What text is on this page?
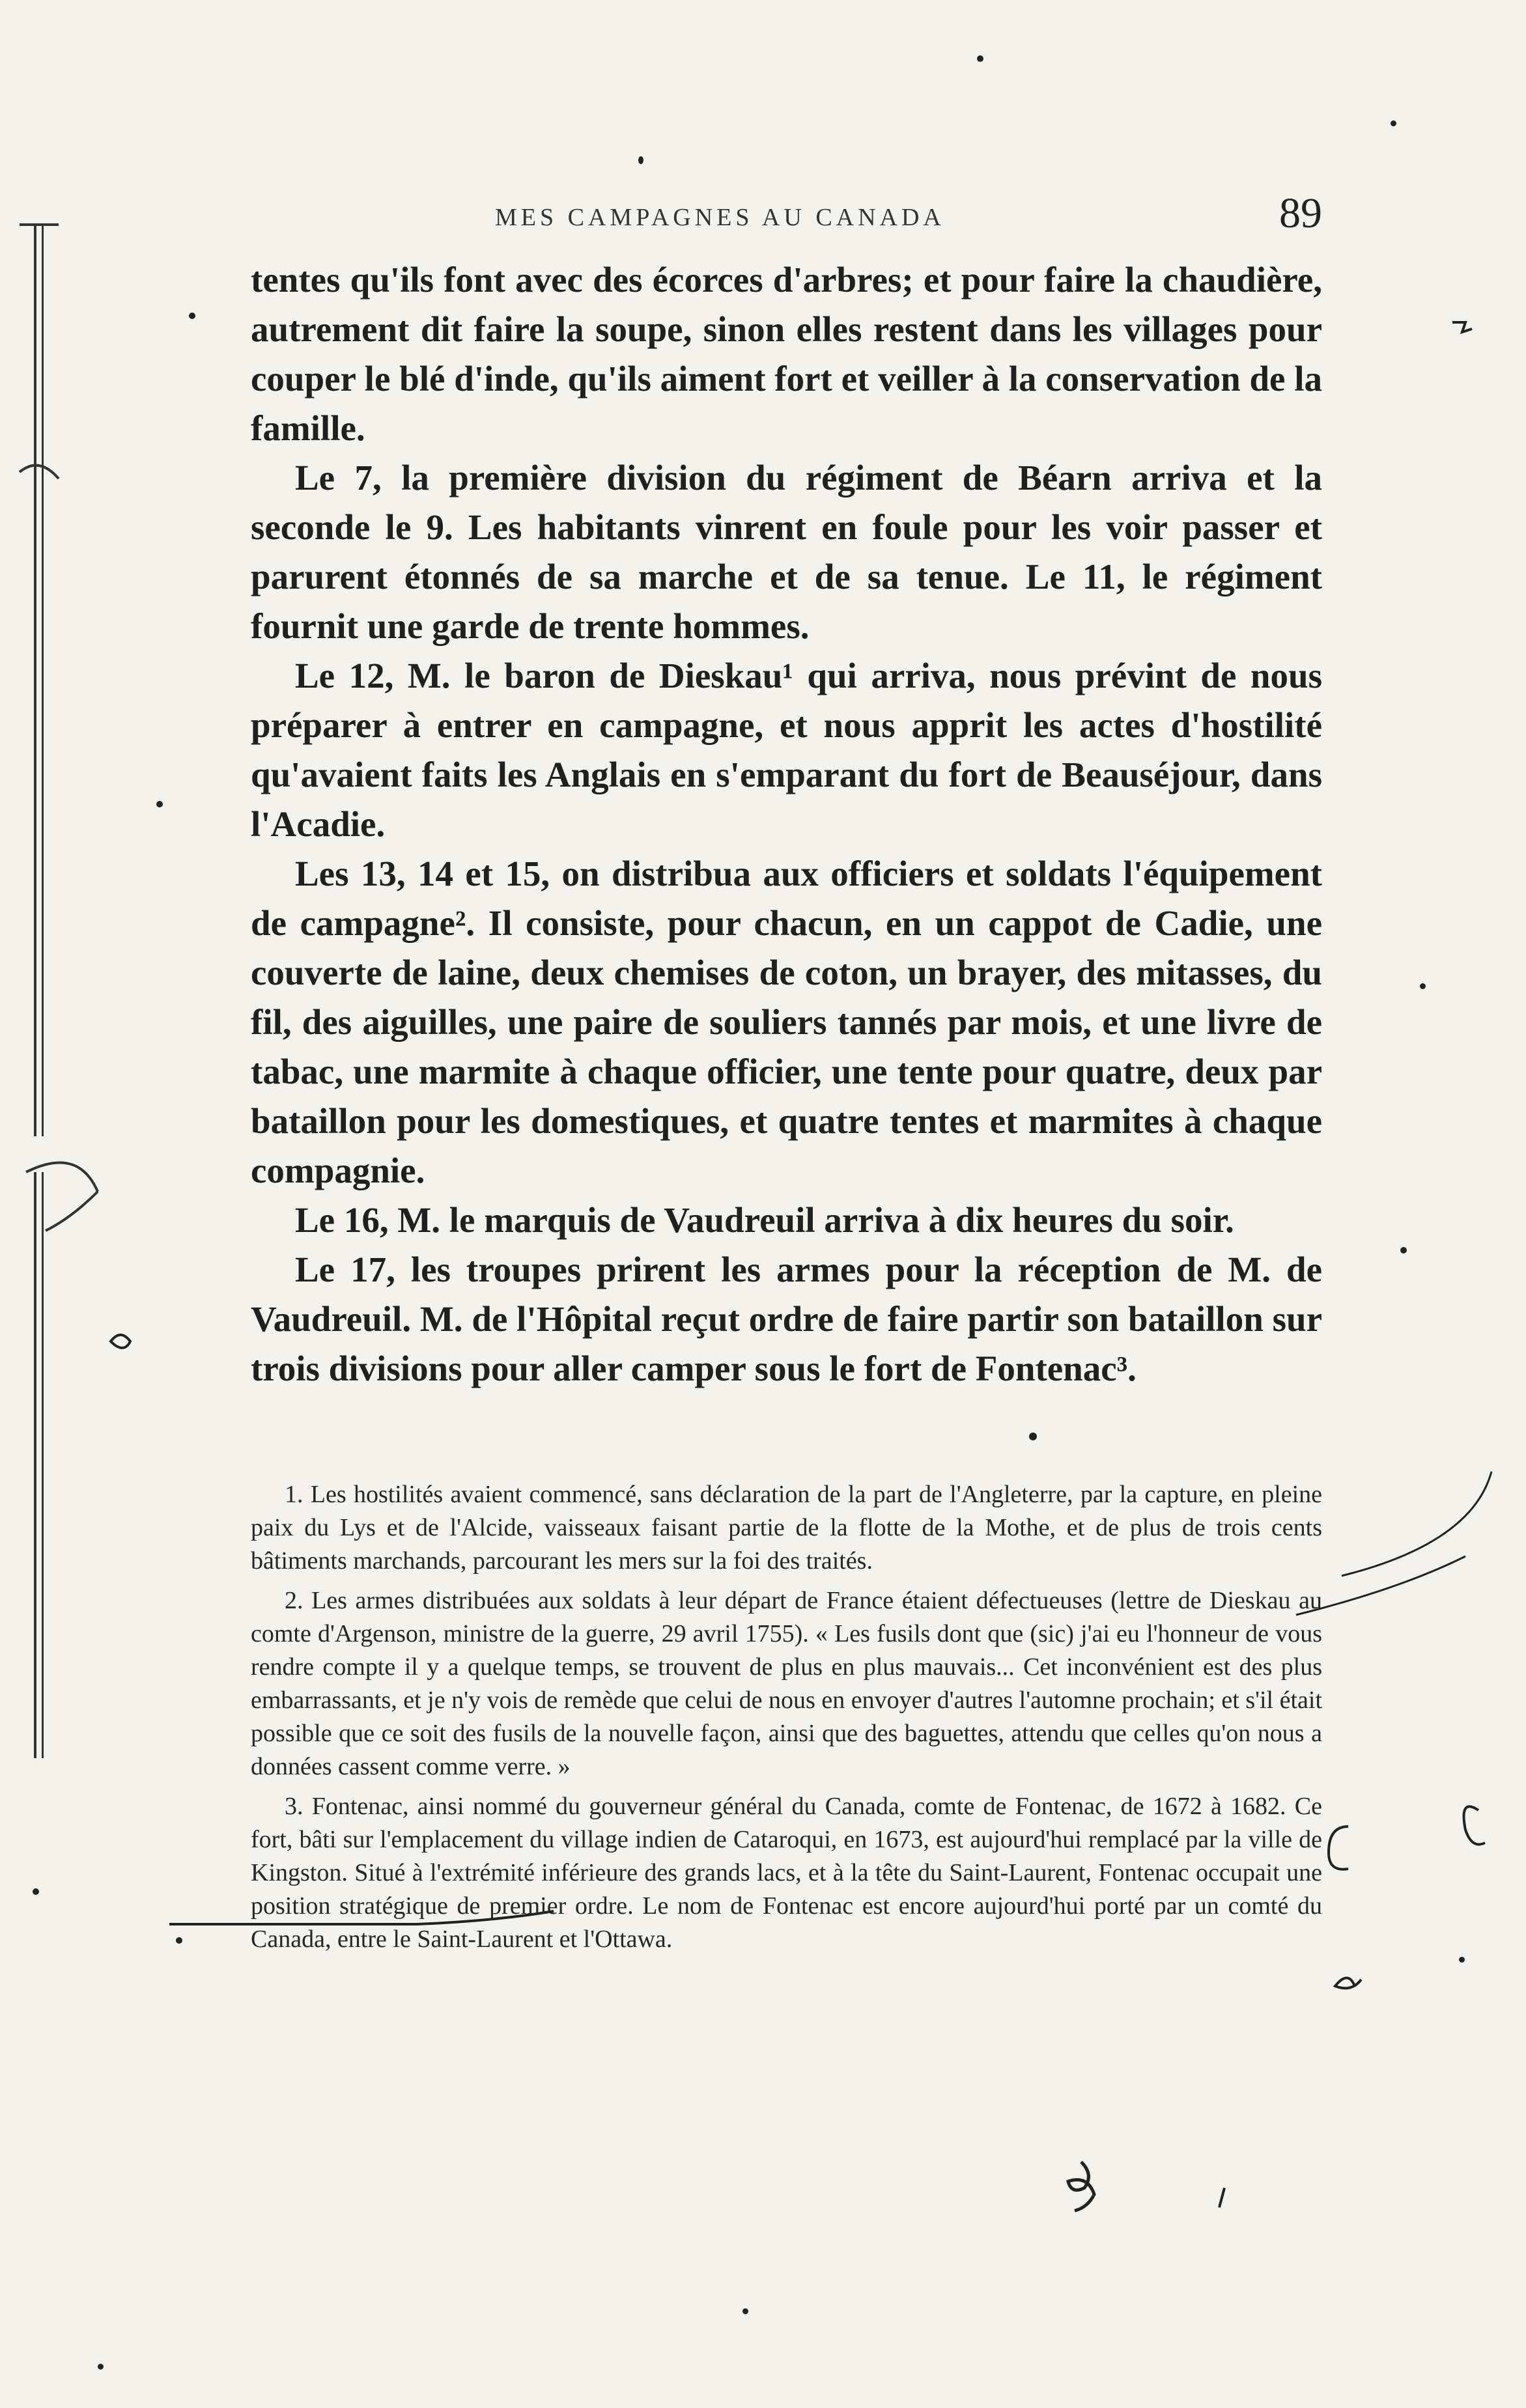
MES CAMPAGNES AU CANADA	89

tentes qu'ils font avec des écorces d'arbres; et pour faire la chaudière, autrement dit faire la soupe, sinon elles restent dans les villages pour couper le blé d'inde, qu'ils aiment fort et veiller à la conservation de la famille.

Le 7, la première division du régiment de Béarn arriva et la seconde le 9. Les habitants vinrent en foule pour les voir passer et parurent étonnés de sa marche et de sa tenue. Le 11, le régiment fournit une garde de trente hommes.

Le 12, M. le baron de Dieskau¹ qui arriva, nous prévint de nous préparer à entrer en campagne, et nous apprit les actes d'hostilité qu'avaient faits les Anglais en s'emparant du fort de Beauséjour, dans l'Acadie.

Les 13, 14 et 15, on distribua aux officiers et soldats l'équipement de campagne². Il consiste, pour chacun, en un cappot de Cadie, une couverte de laine, deux chemises de coton, un brayer, des mitasses, du fil, des aiguilles, une paire de souliers tannés par mois, et une livre de tabac, une marmite à chaque officier, une tente pour quatre, deux par bataillon pour les domestiques, et quatre tentes et marmites à chaque compagnie.

Le 16, M. le marquis de Vaudreuil arriva à dix heures du soir.

Le 17, les troupes prirent les armes pour la réception de M. de Vaudreuil. M. de l'Hôpital reçut ordre de faire partir son bataillon sur trois divisions pour aller camper sous le fort de Fontenac³.

1. Les hostilités avaient commencé, sans déclaration de la part de l'Angleterre, par la capture, en pleine paix du Lys et de l'Alcide, vaisseaux faisant partie de la flotte de la Mothe, et de plus de trois cents bâtiments marchands, parcourant les mers sur la foi des traités.

2. Les armes distribuées aux soldats à leur départ de France étaient défectueuses (lettre de Dieskau au comte d'Argenson, ministre de la guerre, 29 avril 1755). « Les fusils dont que (sic) j'ai eu l'honneur de vous rendre compte il y a quelque temps, se trouvent de plus en plus mauvais... Cet inconvénient est des plus embarrassants, et je n'y vois de remède que celui de nous en envoyer d'autres l'automne prochain; et s'il était possible que ce soit des fusils de la nouvelle façon, ainsi que des baguettes, attendu que celles qu'on nous a données cassent comme verre. »

3. Fontenac, ainsi nommé du gouverneur général du Canada, comte de Fontenac, de 1672 à 1682. Ce fort, bâti sur l'emplacement du village indien de Cataroqui, en 1673, est aujourd'hui remplacé par la ville de Kingston. Situé à l'extrémité inférieure des grands lacs, et à la tête du Saint-Laurent, Fontenac occupait une position stratégique de premier ordre. Le nom de Fontenac est encore aujourd'hui porté par un comté du Canada, entre le Saint-Laurent et l'Ottawa.
